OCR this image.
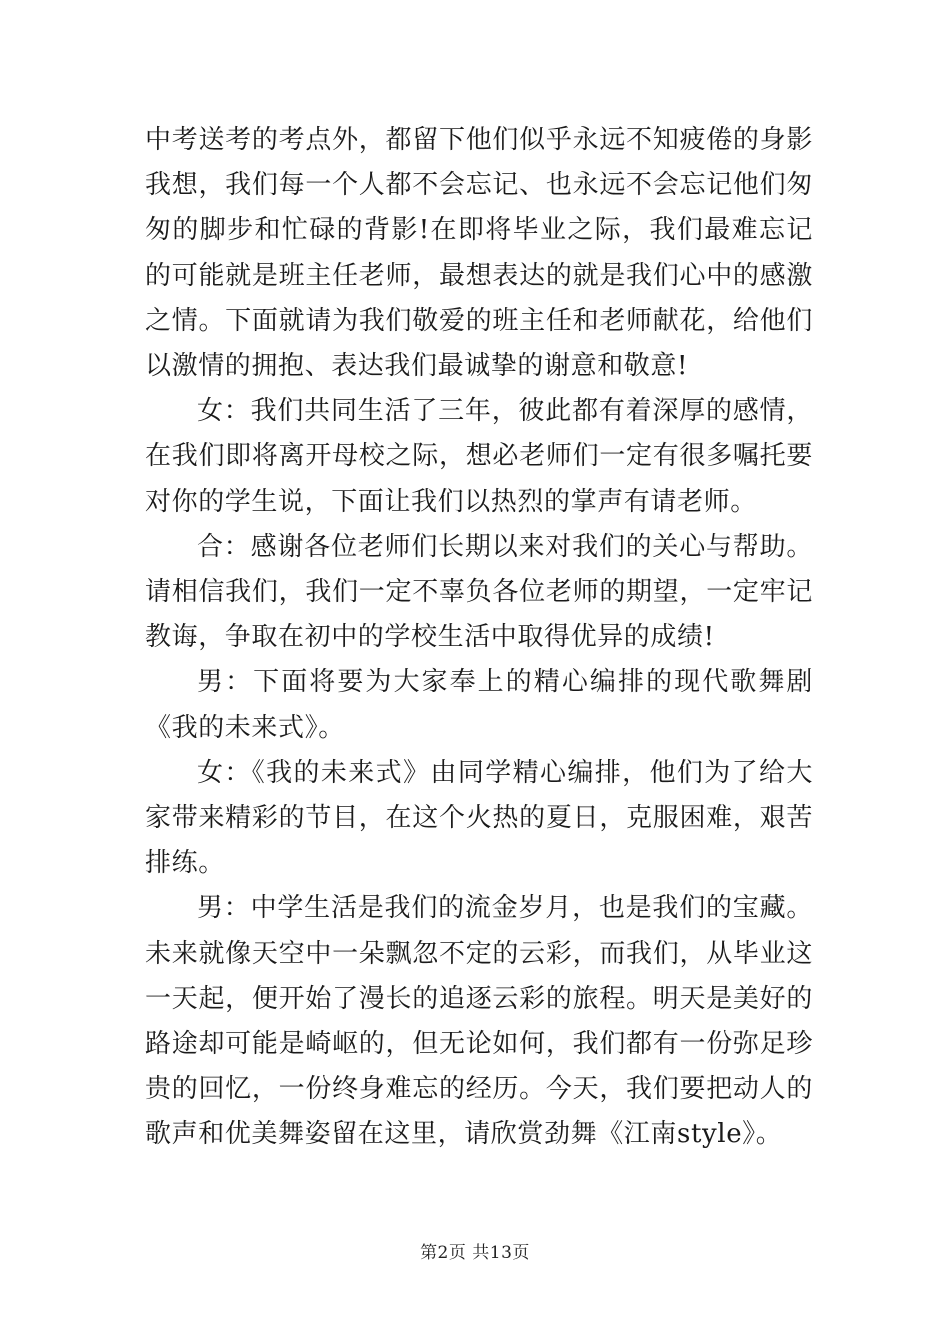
中考送考的考点外，都留下他们似乎永远不知疲倦的身影我想，我们每一个人都不会忘记、也永远不会忘记他们匆匆的脚步和忙碌的背影!在即将毕业之际，我们最难忘记的可能就是班主任老师，最想表达的就是我们心中的感激之情。下面就请为我们敬爱的班主任和老师献花，给他们以激情的拥抱、表达我们最诚挚的谢意和敬意!

女：我们共同生活了三年，彼此都有着深厚的感情，在我们即将离开母校之际，想必老师们一定有很多嘱托要对你的学生说，下面让我们以热烈的掌声有请老师。

合：感谢各位老师们长期以来对我们的关心与帮助。请相信我们，我们一定不辜负各位老师的期望，一定牢记教诲，争取在初中的学校生活中取得优异的成绩!

男：下面将要为大家奉上的精心编排的现代歌舞剧《我的未来式》。

女：《我的未来式》由同学精心编排，他们为了给大家带来精彩的节目，在这个火热的夏日，克服困难，艰苦排练。

男：中学生活是我们的流金岁月，也是我们的宝藏。未来就像天空中一朵飘忽不定的云彩，而我们，从毕业这一天起，便开始了漫长的追逐云彩的旅程。明天是美好的路途却可能是崎岖的，但无论如何，我们都有一份弥足珍贵的回忆，一份终身难忘的经历。今天，我们要把动人的歌声和优美舞姿留在这里，请欣赏劲舞《江南style》。

第2页 共13页
